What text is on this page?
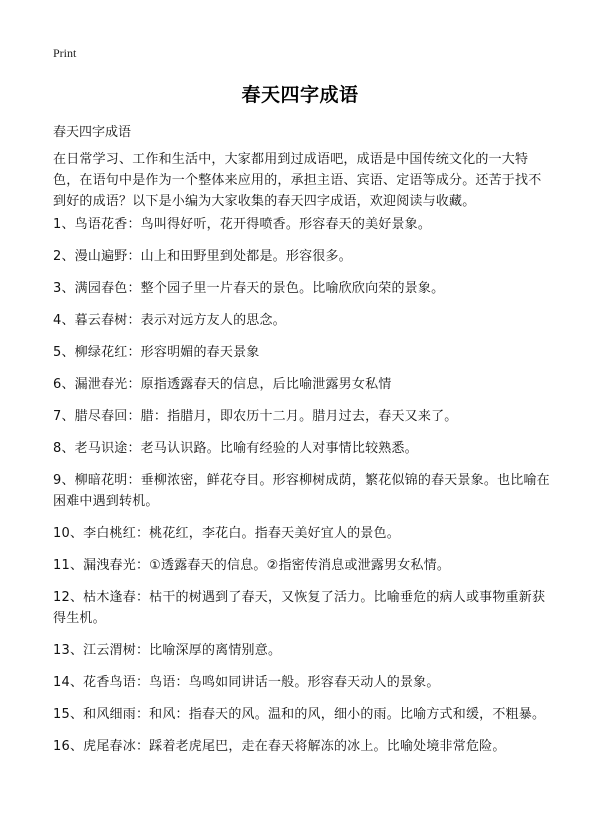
Print
春天四字成语

春天四字成语

在日常学习、工作和生活中，大家都用到过成语吧，成语是中国传统文化的一大特色，在语句中是作为一个整体来应用的，承担主语、宾语、定语等成分。还苦于找不到好的成语？以下是小编为大家收集的春天四字成语，欢迎阅读与收藏。

1、鸟语花香：鸟叫得好听，花开得喷香。形容春天的美好景象。
2、漫山遍野：山上和田野里到处都是。形容很多。
3、满园春色：整个园子里一片春天的景色。比喻欣欣向荣的景象。
4、暮云春树：表示对远方友人的思念。
5、柳绿花红：形容明媚的春天景象
6、漏泄春光：原指透露春天的信息，后比喻泄露男女私情
7、腊尽春回：腊：指腊月，即农历十二月。腊月过去，春天又来了。
8、老马识途：老马认识路。比喻有经验的人对事情比较熟悉。
9、柳暗花明：垂柳浓密，鲜花夺目。形容柳树成荫，繁花似锦的春天景象。也比喻在困难中遇到转机。
10、李白桃红：桃花红，李花白。指春天美好宜人的景色。
11、漏洩春光：①透露春天的信息。②指密传消息或泄露男女私情。
12、枯木逢春：枯干的树遇到了春天，又恢复了活力。比喻垂危的病人或事物重新获得生机。
13、江云渭树：比喻深厚的离情别意。
14、花香鸟语：鸟语：鸟鸣如同讲话一般。形容春天动人的景象。
15、和风细雨：和风：指春天的风。温和的风，细小的雨。比喻方式和缓，不粗暴。
16、虎尾春冰：踩着老虎尾巴，走在春天将解冻的冰上。比喻处境非常危险。
